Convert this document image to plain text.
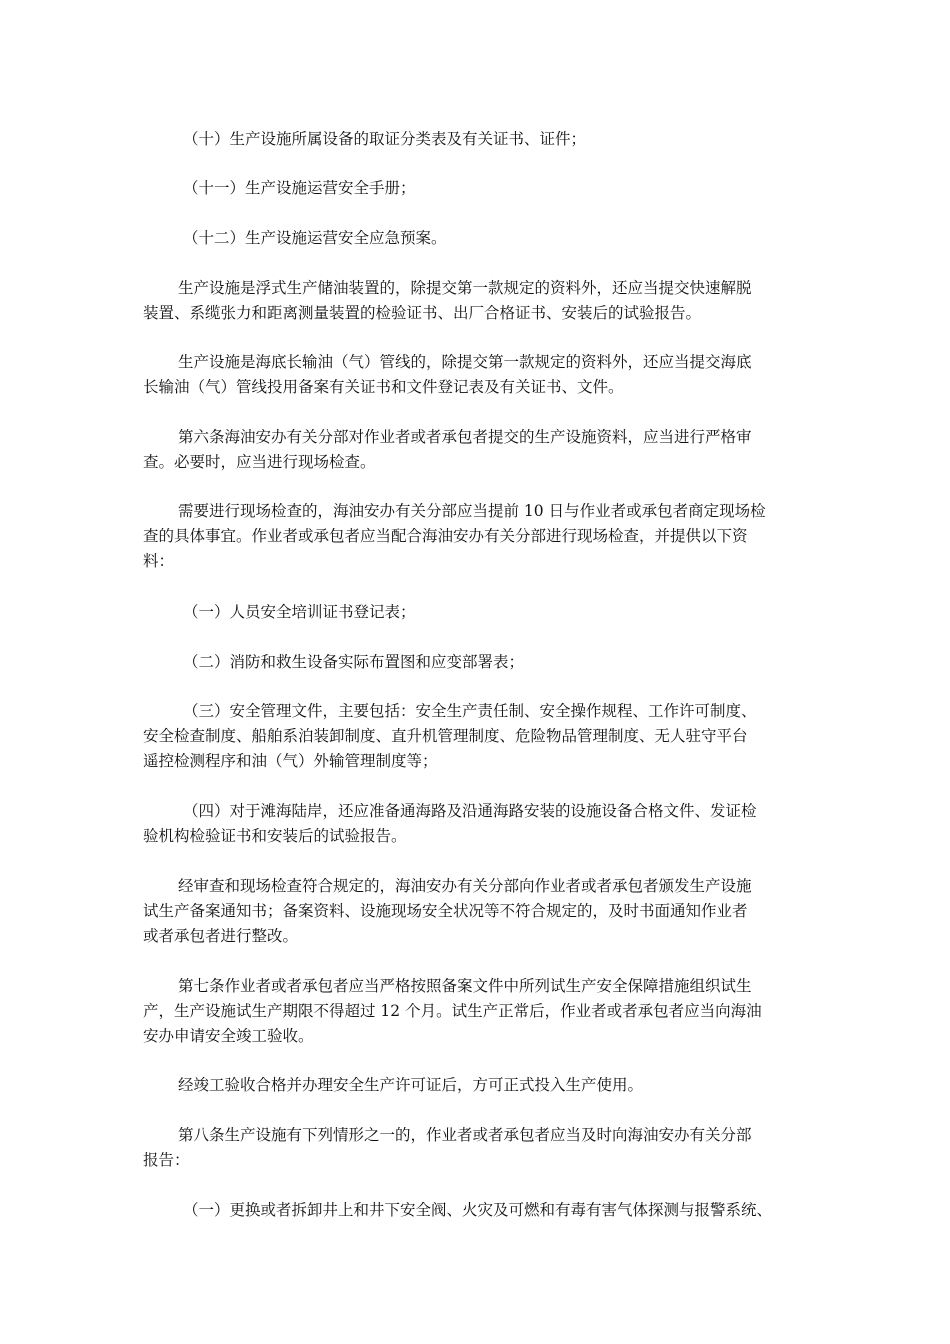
（十）生产设施所属设备的取证分类表及有关证书、证件；

（十一）生产设施运营安全手册；

（十二）生产设施运营安全应急预案。

生产设施是浮式生产储油装置的，除提交第一款规定的资料外，还应当提交快速解脱
装置、系缆张力和距离测量装置的检验证书、出厂合格证书、安装后的试验报告。

生产设施是海底长输油（气）管线的，除提交第一款规定的资料外，还应当提交海底
长输油（气）管线投用备案有关证书和文件登记表及有关证书、文件。

第六条海油安办有关分部对作业者或者承包者提交的生产设施资料，应当进行严格审
查。必要时，应当进行现场检查。

需要进行现场检查的，海油安办有关分部应当提前 10 日与作业者或承包者商定现场检
查的具体事宜。作业者或承包者应当配合海油安办有关分部进行现场检查，并提供以下资
料：

（一）人员安全培训证书登记表；

（二）消防和救生设备实际布置图和应变部署表；

（三）安全管理文件，主要包括：安全生产责任制、安全操作规程、工作许可制度、
安全检查制度、船舶系泊装卸制度、直升机管理制度、危险物品管理制度、无人驻守平台
遥控检测程序和油（气）外输管理制度等；

（四）对于滩海陆岸，还应准备通海路及沿通海路安装的设施设备合格文件、发证检
验机构检验证书和安装后的试验报告。

经审查和现场检查符合规定的，海油安办有关分部向作业者或者承包者颁发生产设施
试生产备案通知书；备案资料、设施现场安全状况等不符合规定的，及时书面通知作业者
或者承包者进行整改。

第七条作业者或者承包者应当严格按照备案文件中所列试生产安全保障措施组织试生
产，生产设施试生产期限不得超过 12 个月。试生产正常后，作业者或者承包者应当向海油
安办申请安全竣工验收。

经竣工验收合格并办理安全生产许可证后，方可正式投入生产使用。

第八条生产设施有下列情形之一的，作业者或者承包者应当及时向海油安办有关分部
报告：

（一）更换或者拆卸井上和井下安全阀、火灾及可燃和有毒有害气体探测与报警系统、
